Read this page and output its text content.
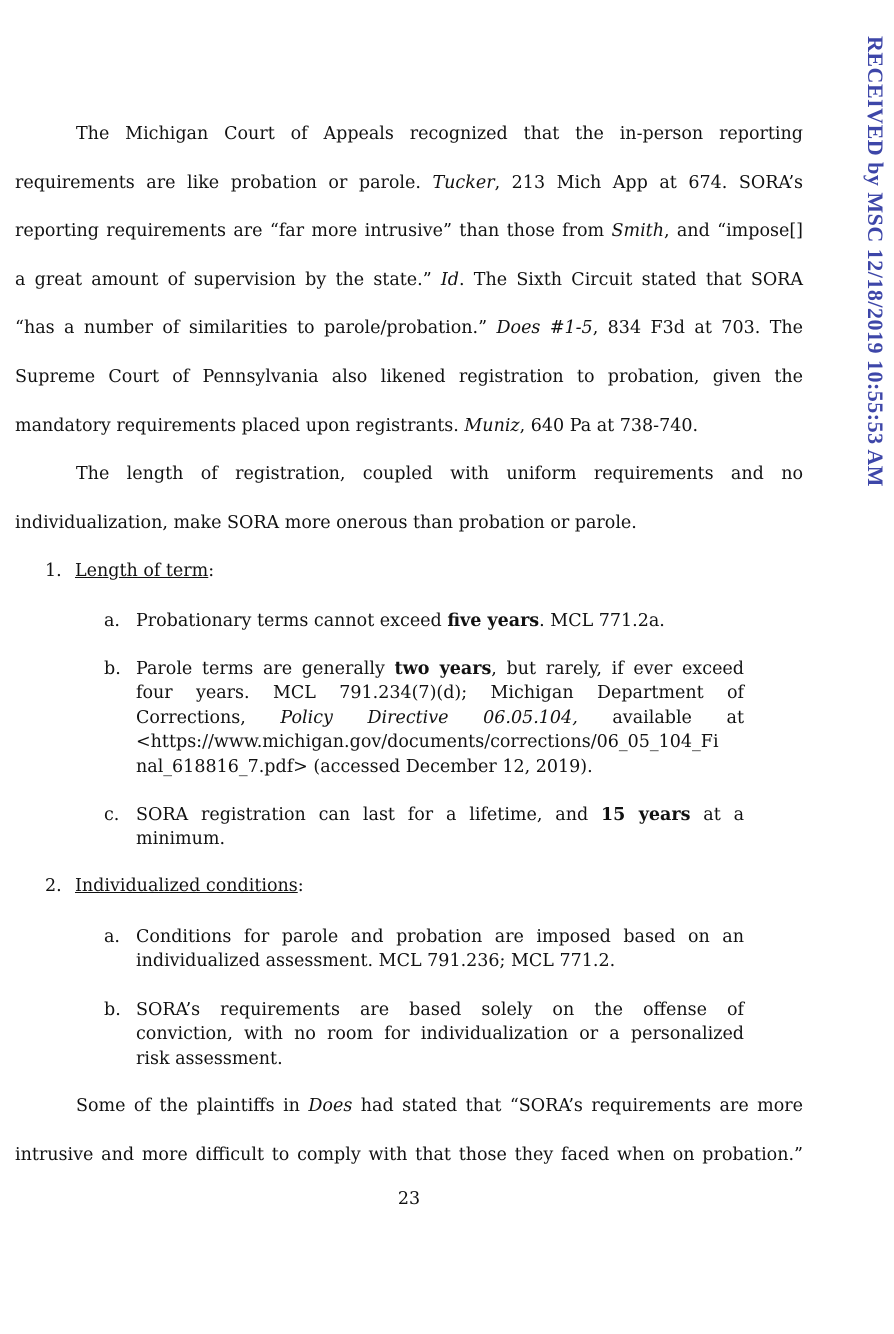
RECEIVED by MSC 12/18/2019 10:55:53 AM
The Michigan Court of Appeals recognized that the in-person reporting
requirements are like probation or parole. Tucker, 213 Mich App at 674. SORA’s
reporting requirements are “far more intrusive” than those from Smith, and “impose[]
a great amount of supervision by the state.” Id. The Sixth Circuit stated that SORA
“has a number of similarities to parole/probation.” Does #1-5, 834 F3d at 703. The
Supreme Court of Pennsylvania also likened registration to probation, given the
mandatory requirements placed upon registrants. Muniz, 640 Pa at 738-740.
The length of registration, coupled with uniform requirements and no
individualization, make SORA more onerous than probation or parole.
1. Length of term:
a. Probationary terms cannot exceed five years. MCL 771.2a.
b. Parole terms are generally two years, but rarely, if ever exceed
four years. MCL 791.234(7)(d); Michigan Department of
Corrections, Policy Directive 06.05.104, available at
<https://www.michigan.gov/documents/corrections/06_05_104_Fi
nal_618816_7.pdf> (accessed December 12, 2019).
c. SORA registration can last for a lifetime, and 15 years at a
minimum.
2. Individualized conditions:
a. Conditions for parole and probation are imposed based on an
individualized assessment. MCL 791.236; MCL 771.2.
b. SORA’s requirements are based solely on the offense of
conviction, with no room for individualization or a personalized
risk assessment.
Some of the plaintiffs in Does had stated that “SORA’s requirements are more
intrusive and more difficult to comply with that those they faced when on probation.”
23
